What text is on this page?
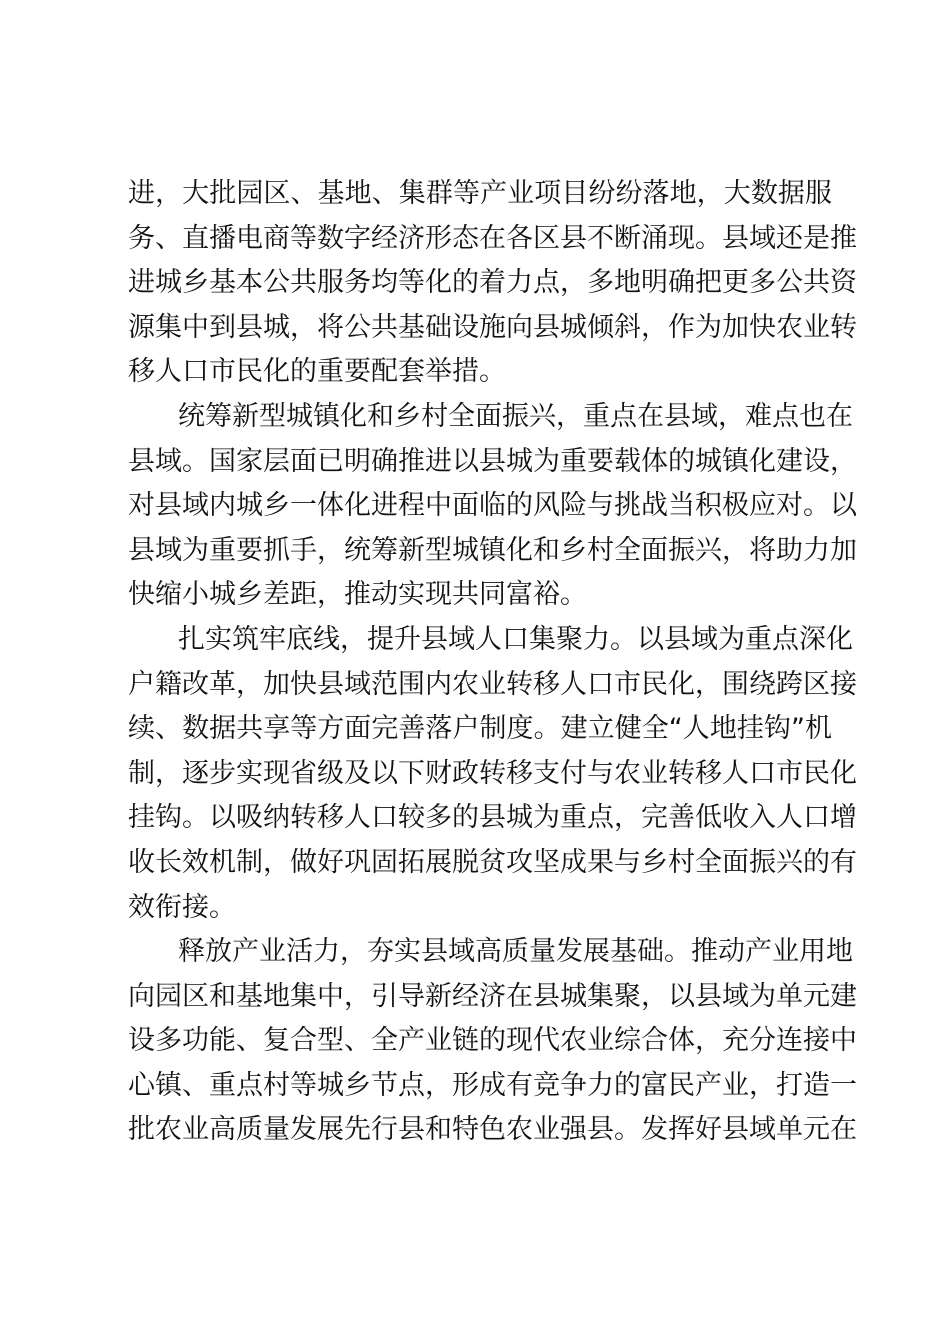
进，大批园区、基地、集群等产业项目纷纷落地，大数据服
务、直播电商等数字经济形态在各区县不断涌现。县域还是推
进城乡基本公共服务均等化的着力点，多地明确把更多公共资
源集中到县城，将公共基础设施向县城倾斜，作为加快农业转
移人口市民化的重要配套举措。
统筹新型城镇化和乡村全面振兴，重点在县域，难点也在
县域。国家层面已明确推进以县城为重要载体的城镇化建设，
对县域内城乡一体化进程中面临的风险与挑战当积极应对。以
县域为重要抓手，统筹新型城镇化和乡村全面振兴，将助力加
快缩小城乡差距，推动实现共同富裕。
扎实筑牢底线，提升县域人口集聚力。以县域为重点深化
户籍改革，加快县域范围内农业转移人口市民化，围绕跨区接
续、数据共享等方面完善落户制度。建立健全“人地挂钩”机
制，逐步实现省级及以下财政转移支付与农业转移人口市民化
挂钩。以吸纳转移人口较多的县城为重点，完善低收入人口增
收长效机制，做好巩固拓展脱贫攻坚成果与乡村全面振兴的有
效衔接。
释放产业活力，夯实县域高质量发展基础。推动产业用地
向园区和基地集中，引导新经济在县城集聚，以县域为单元建
设多功能、复合型、全产业链的现代农业综合体，充分连接中
心镇、重点村等城乡节点，形成有竞争力的富民产业，打造一
批农业高质量发展先行县和特色农业强县。发挥好县域单元在
